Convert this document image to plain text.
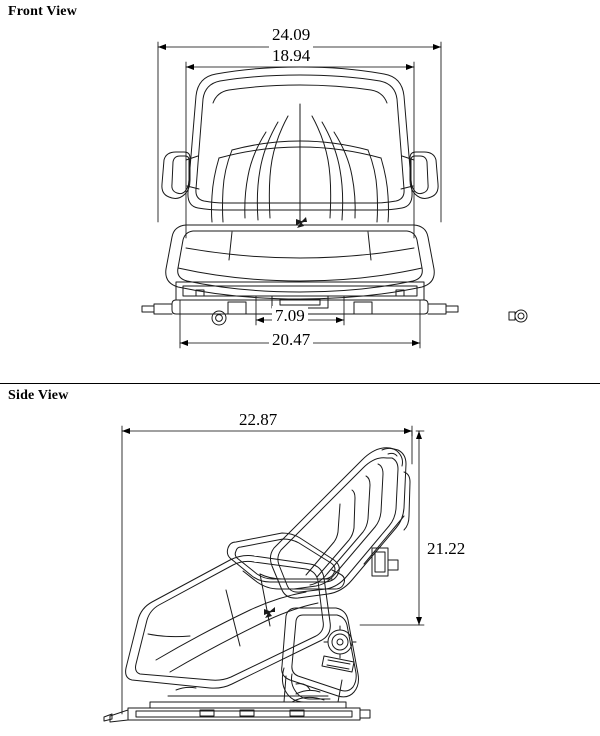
Front View
24.09
18.94
7.09
20.47
Side View
22.87
21.22
